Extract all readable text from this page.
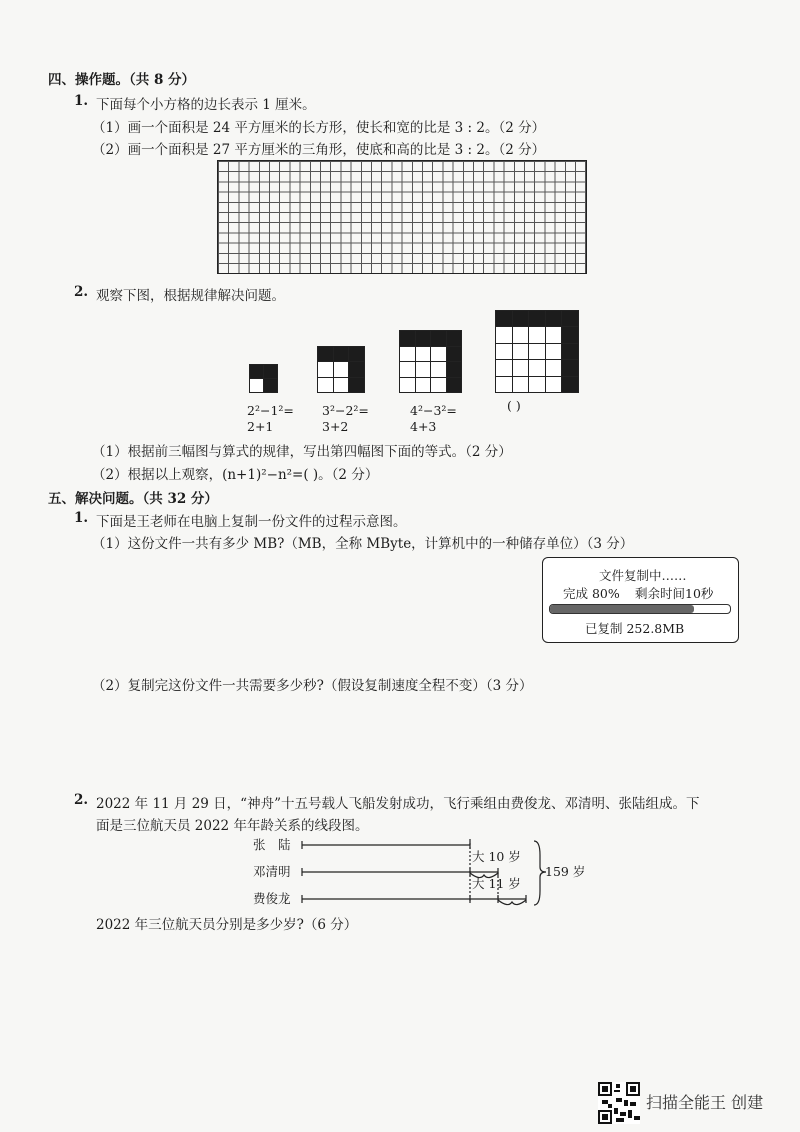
四、操作题。（共 8 分）
1. 下面每个小方格的边长表示 1 厘米。
（1）画一个面积是 24 平方厘米的长方形，使长和宽的比是 3 : 2。（2 分）
（2）画一个面积是 27 平方厘米的三角形，使底和高的比是 3 : 2。（2 分）
2. 观察下图，根据规律解决问题。
2²−1²=
2+1
3²−2²=
3+2
4²−3²=
4+3
( )
（1）根据前三幅图与算式的规律，写出第四幅图下面的等式。（2 分）
（2）根据以上观察，(n+1)²−n²=( )。（2 分）
五、解决问题。（共 32 分）
1. 下面是王老师在电脑上复制一份文件的过程示意图。
（1）这份文件一共有多少 MB?（MB，全称 MByte，计算机中的一种储存单位）（3 分）
文件复制中……
完成 80% 剩余时间10秒
已复制 252.8MB
（2）复制完这份文件一共需要多少秒?（假设复制速度全程不变）（3 分）
2. 2022 年 11 月 29 日，“神舟”十五号载人飞船发射成功，飞行乘组由费俊龙、邓清明、张陆组成。下
面是三位航天员 2022 年年龄关系的线段图。
张　陆
邓清明
费俊龙
大 10 岁
大 11 岁
159 岁
2022 年三位航天员分别是多少岁?（6 分）
扫描全能王 创建
